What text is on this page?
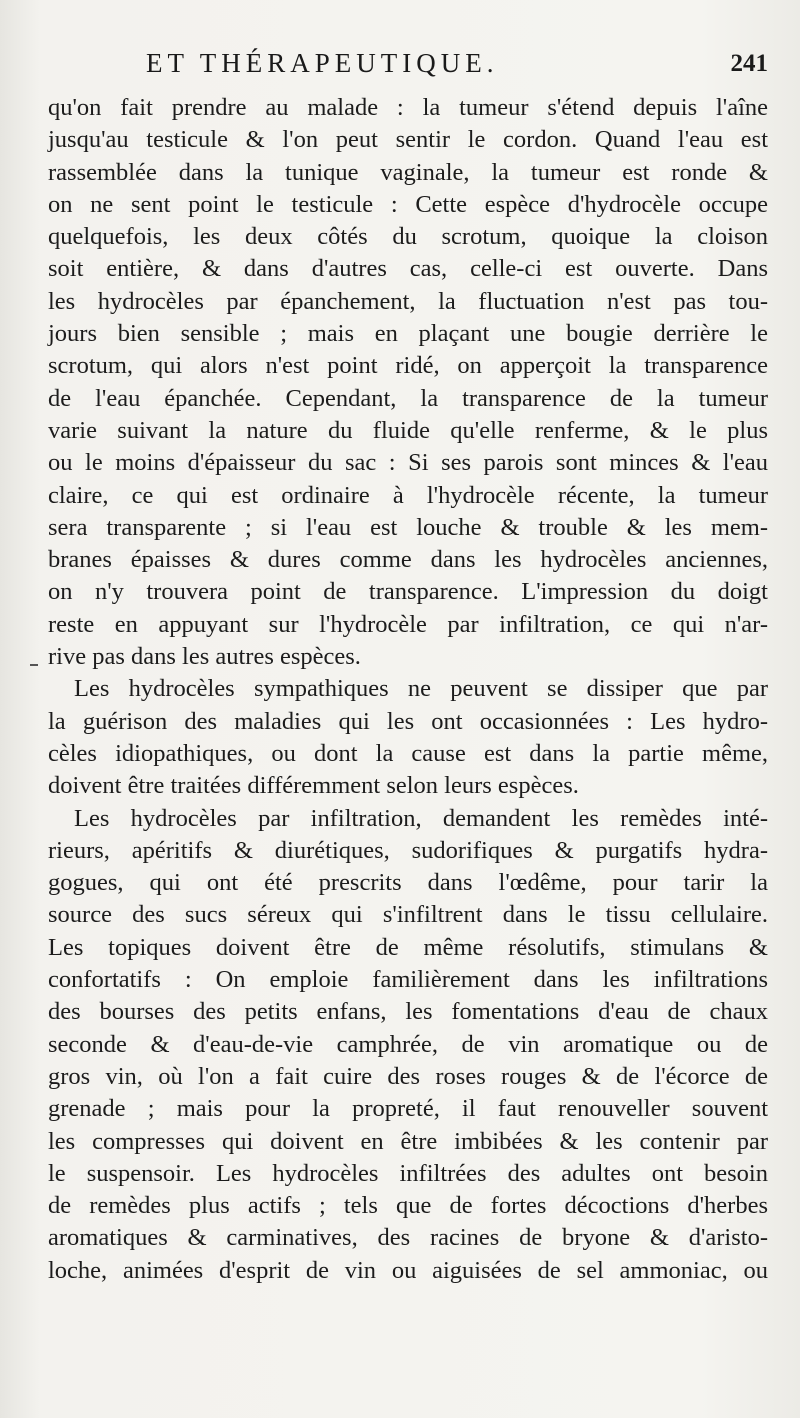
ET THÉRAPEUTIQUE.	241
qu'on fait prendre au malade : la tumeur s'étend depuis l'aîne
jusqu'au testicule & l'on peut sentir le cordon. Quand l'eau est
rassemblée dans la tunique vaginale, la tumeur est ronde &
on ne sent point le testicule : Cette espèce d'hydrocèle occupe
quelquefois, les deux côtés du scrotum, quoique la cloison
soit entière, & dans d'autres cas, celle-ci est ouverte. Dans
les hydrocèles par épanchement, la fluctuation n'est pas tou-
jours bien sensible ; mais en plaçant une bougie derrière le
scrotum, qui alors n'est point ridé, on apperçoit la transparence
de l'eau épanchée. Cependant, la transparence de la tumeur
varie suivant la nature du fluide qu'elle renferme, & le plus
ou le moins d'épaisseur du sac : Si ses parois sont minces & l'eau
claire, ce qui est ordinaire à l'hydrocèle récente, la tumeur
sera transparente ; si l'eau est louche & trouble & les mem-
branes épaisses & dures comme dans les hydrocèles anciennes,
on n'y trouvera point de transparence. L'impression du doigt
reste en appuyant sur l'hydrocèle par infiltration, ce qui n'ar-
rive pas dans les autres espèces.
Les hydrocèles sympathiques ne peuvent se dissiper que par
la guérison des maladies qui les ont occasionnées : Les hydro-
cèles idiopathiques, ou dont la cause est dans la partie même,
doivent être traitées différemment selon leurs espèces.
Les hydrocèles par infiltration, demandent les remèdes inté-
rieurs, apéritifs & diurétiques, sudorifiques & purgatifs hydra-
gogues, qui ont été prescrits dans l'œdême, pour tarir la
source des sucs séreux qui s'infiltrent dans le tissu cellulaire.
Les topiques doivent être de même résolutifs, stimulans &
confortatifs : On emploie familièrement dans les infiltrations
des bourses des petits enfans, les fomentations d'eau de chaux
seconde & d'eau-de-vie camphrée, de vin aromatique ou de
gros vin, où l'on a fait cuire des roses rouges & de l'écorce de
grenade ; mais pour la propreté, il faut renouveller souvent
les compresses qui doivent en être imbibées & les contenir par
le suspensoir. Les hydrocèles infiltrées des adultes ont besoin
de remèdes plus actifs ; tels que de fortes décoctions d'herbes
aromatiques & carminatives, des racines de bryone & d'aristo-
loche, animées d'esprit de vin ou aiguisées de sel ammoniac, ou
